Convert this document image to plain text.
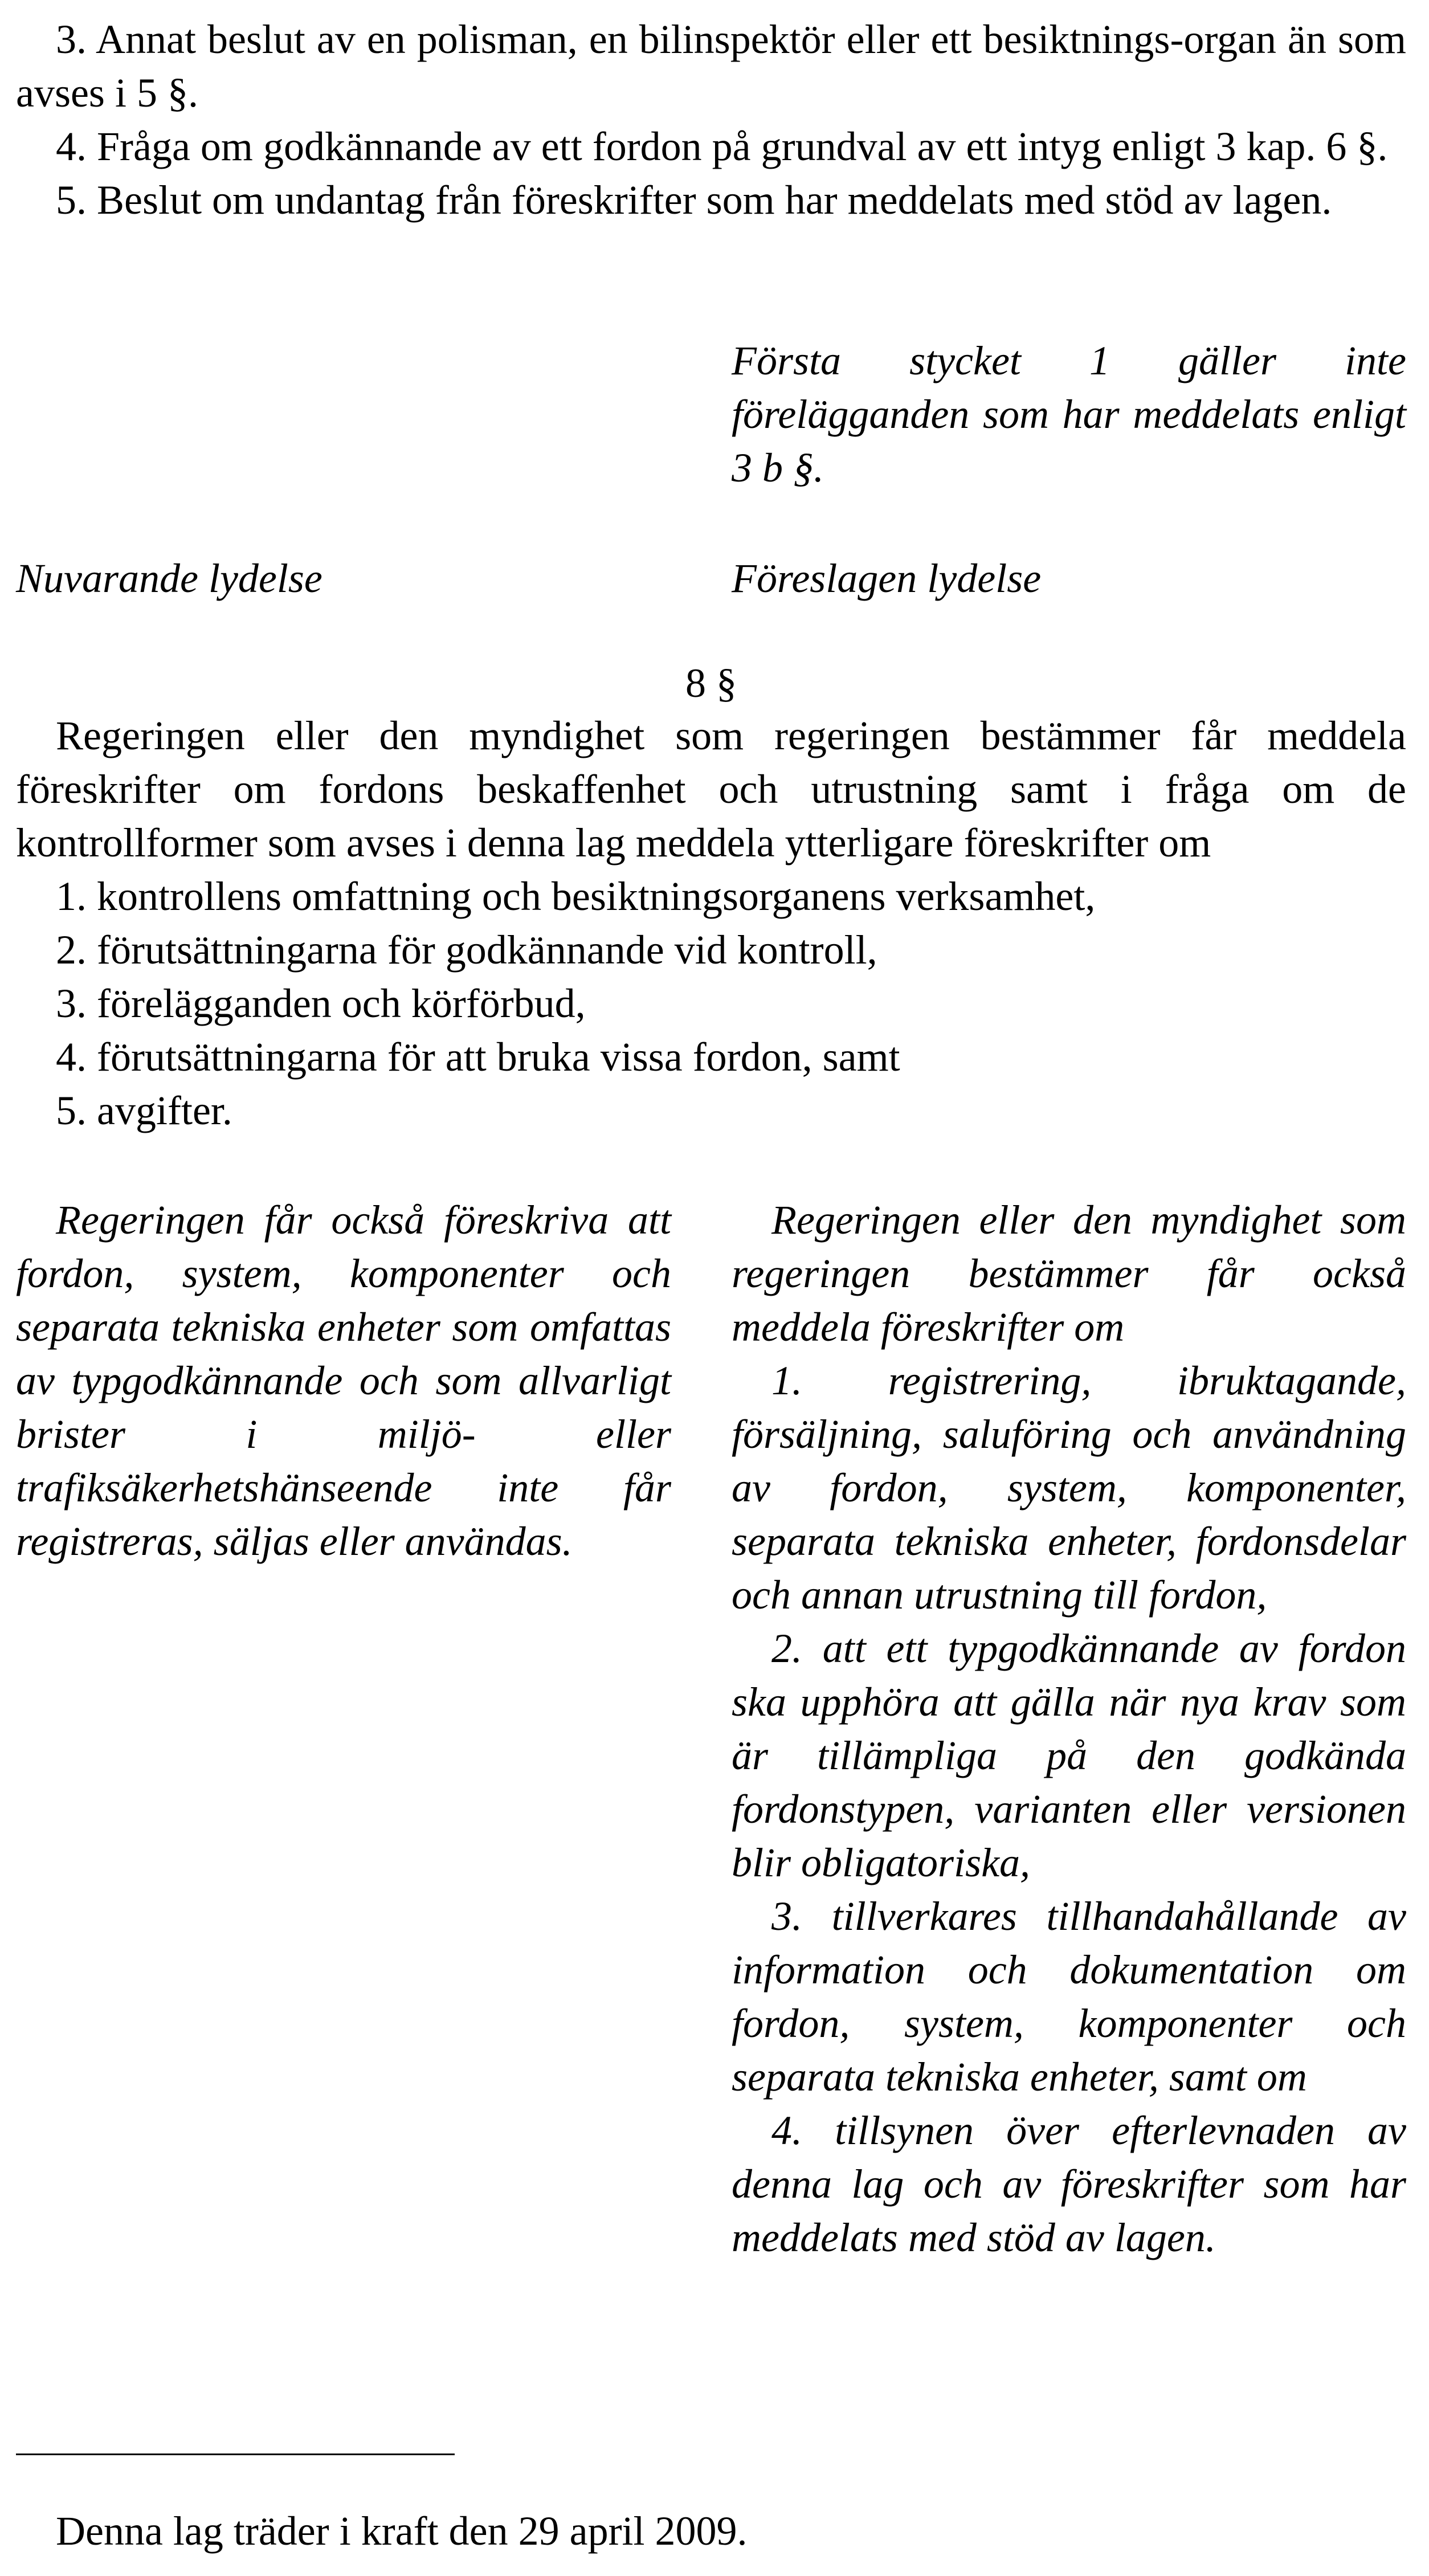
3. Annat beslut av en polisman, en bilinspektör eller ett besiktnings-organ än som avses i 5 §.

4. Fråga om godkännande av ett fordon på grundval av ett intyg enligt 3 kap. 6 §.

5. Beslut om undantag från föreskrifter som har meddelats med stöd av lagen.

Första stycket 1 gäller inte förelägganden som har meddelats enligt 3 b §.

Nuvarande lydelse	Föreslagen lydelse

8 §

Regeringen eller den myndighet som regeringen bestämmer får meddela föreskrifter om fordons beskaffenhet och utrustning samt i fråga om de kontrollformer som avses i denna lag meddela ytterligare föreskrifter om

1. kontrollens omfattning och besiktningsorganens verksamhet,

2. förutsättningarna för godkännande vid kontroll,

3. förelägganden och körförbud,

4. förutsättningarna för att bruka vissa fordon, samt

5. avgifter.

Regeringen får också föreskriva att fordon, system, komponenter och separata tekniska enheter som omfattas av typgodkännande och som allvarligt brister i miljö- eller trafiksäkerhetshänseende inte får registreras, säljas eller användas.

Regeringen eller den myndighet som regeringen bestämmer får också meddela föreskrifter om

1. registrering, ibruktagande, försäljning, saluföring och användning av fordon, system, komponenter, separata tekniska enheter, fordonsdelar och annan utrustning till fordon,

2. att ett typgodkännande av fordon ska upphöra att gälla när nya krav som är tillämpliga på den godkända fordonstypen, varianten eller versionen blir obligatoriska,

3. tillverkares tillhandahållande av information och dokumentation om fordon, system, komponenter och separata tekniska enheter, samt om

4. tillsynen över efterlevnaden av denna lag och av föreskrifter som har meddelats med stöd av lagen.

Denna lag träder i kraft den 29 april 2009.
